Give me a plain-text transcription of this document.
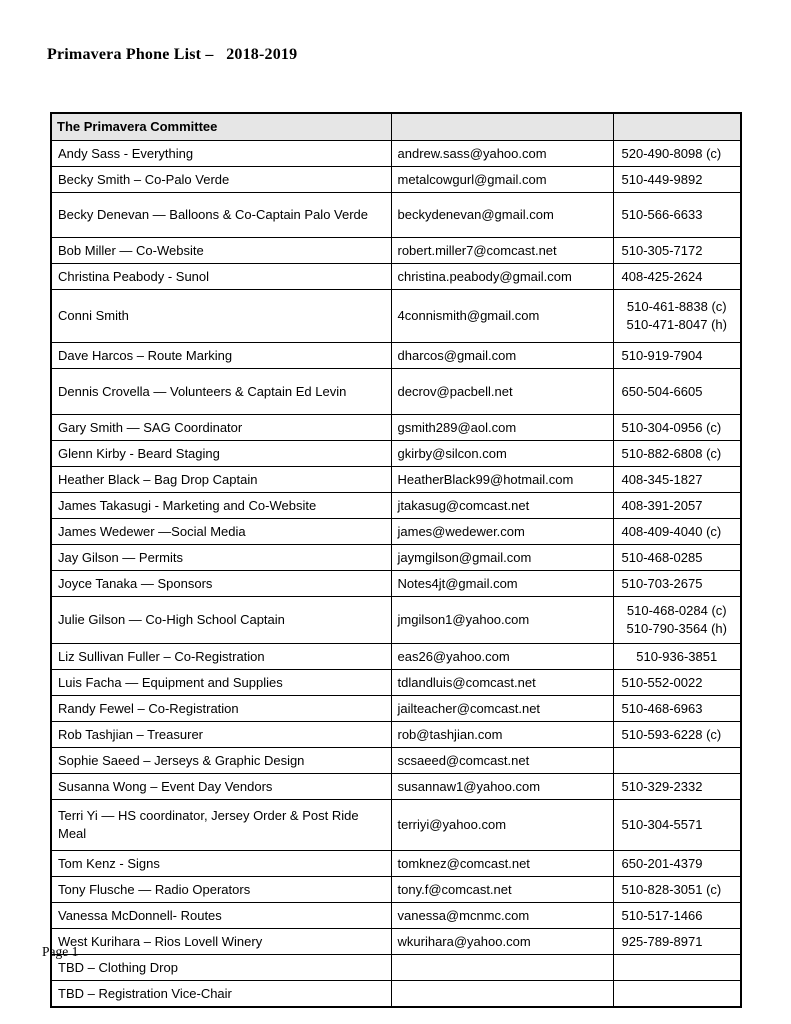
Primavera Phone List –   2018-2019
The Primavera Committee		
Andy Sass - Everything	andrew.sass@yahoo.com	520-490-8098 (c)

Becky Smith – Co-Palo Verde	metalcowgurl@gmail.com	510-449-9892

Becky Denevan — Balloons & Co-Captain Palo Verde	beckydenevan@gmail.com	510-566-6633

Bob Miller — Co-Website	robert.miller7@comcast.net	510-305-7172

Christina Peabody - Sunol	christina.peabody@gmail.com	408-425-2624

Conni Smith	4connismith@gmail.com	510-461-8838 (c)
510-471-8047 (h)

Dave Harcos – Route Marking	dharcos@gmail.com	510-919-7904

Dennis Crovella — Volunteers & Captain Ed Levin	decrov@pacbell.net	650-504-6605

Gary Smith — SAG Coordinator	gsmith289@aol.com	510-304-0956 (c)

Glenn Kirby - Beard Staging	gkirby@silcon.com	510-882-6808 (c)

Heather Black – Bag Drop Captain	HeatherBlack99@hotmail.com	408-345-1827

James Takasugi - Marketing and Co-Website	jtakasug@comcast.net	408-391-2057

James Wedewer —Social Media	james@wedewer.com	408-409-4040 (c)

Jay Gilson — Permits	jaymgilson@gmail.com	510-468-0285

Joyce Tanaka — Sponsors	Notes4jt@gmail.com	510-703-2675

Julie Gilson — Co-High School Captain	jmgilson1@yahoo.com	510-468-0284 (c)
510-790-3564 (h)

Liz Sullivan Fuller – Co-Registration	eas26@yahoo.com	510-936-3851

Luis Facha — Equipment and Supplies	tdlandluis@comcast.net	510-552-0022

Randy Fewel – Co-Registration	jailteacher@comcast.net	510-468-6963

Rob Tashjian – Treasurer	rob@tashjian.com	510-593-6228 (c)

Sophie Saeed – Jerseys & Graphic Design	scsaeed@comcast.net	
Susanna Wong – Event Day Vendors	susannaw1@yahoo.com	510-329-2332

Terri Yi — HS coordinator, Jersey Order & Post Ride Meal	terriyi@yahoo.com	510-304-5571

Tom Kenz - Signs	tomknez@comcast.net	650-201-4379

Tony Flusche — Radio Operators	tony.f@comcast.net	510-828-3051 (c)

Vanessa McDonnell- Routes	vanessa@mcnmc.com	510-517-1466

West Kurihara – Rios Lovell Winery	wkurihara@yahoo.com	925-789-8971

TBD – Clothing Drop		
TBD – Registration Vice-Chair		
Page 1
